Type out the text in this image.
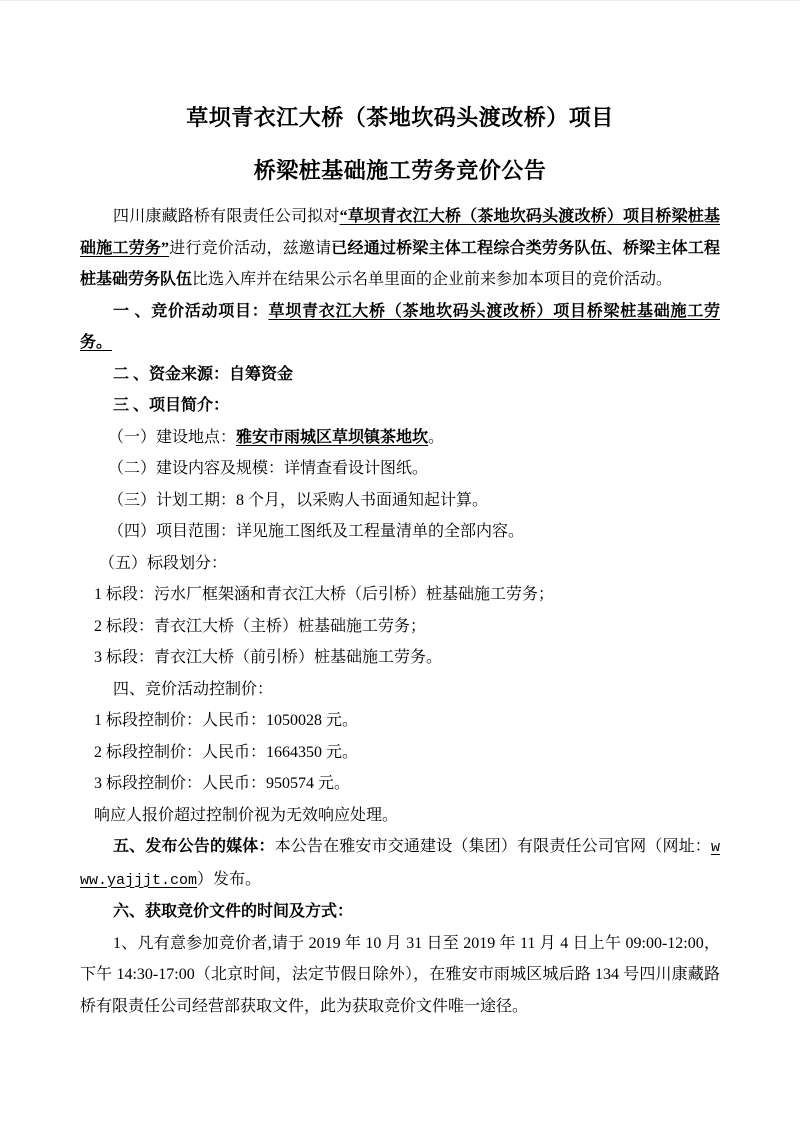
草坝青衣江大桥（茶地坎码头渡改桥）项目
桥梁桩基础施工劳务竞价公告

四川康藏路桥有限责任公司拟对“草坝青衣江大桥（茶地坎码头渡改桥）项目桥梁桩基础施工劳务”进行竞价活动，兹邀请已经通过桥梁主体工程综合类劳务队伍、桥梁主体工程桩基础劳务队伍比选入库并在结果公示名单里面的企业前来参加本项目的竞价活动。

一 、竞价活动项目：草坝青衣江大桥（茶地坎码头渡改桥）项目桥梁桩基础施工劳务。

二 、资金来源：自筹资金

三 、项目简介：

（一）建设地点：雅安市雨城区草坝镇茶地坎。

（二）建设内容及规模：详情查看设计图纸。

（三）计划工期：8 个月，以采购人书面通知起计算。

（四）项目范围：详见施工图纸及工程量清单的全部内容。

（五）标段划分：

1 标段：污水厂框架涵和青衣江大桥（后引桥）桩基础施工劳务；

2 标段：青衣江大桥（主桥）桩基础施工劳务；

3 标段：青衣江大桥（前引桥）桩基础施工劳务。

四、竞价活动控制价：

1 标段控制价：人民币：1050028 元。

2 标段控制价：人民币：1664350 元。

3 标段控制价：人民币：950574 元。

响应人报价超过控制价视为无效响应处理。

五、发布公告的媒体：本公告在雅安市交通建设（集团）有限责任公司官网（网址：www.yajjjt.com）发布。

六、获取竞价文件的时间及方式：

1、凡有意参加竞价者,请于 2019 年 10 月 31 日至 2019 年 11 月 4 日上午 09:00-12:00，下午 14:30-17:00（北京时间，法定节假日除外），在雅安市雨城区城后路 134 号四川康藏路桥有限责任公司经营部获取文件，此为获取竞价文件唯一途径。
